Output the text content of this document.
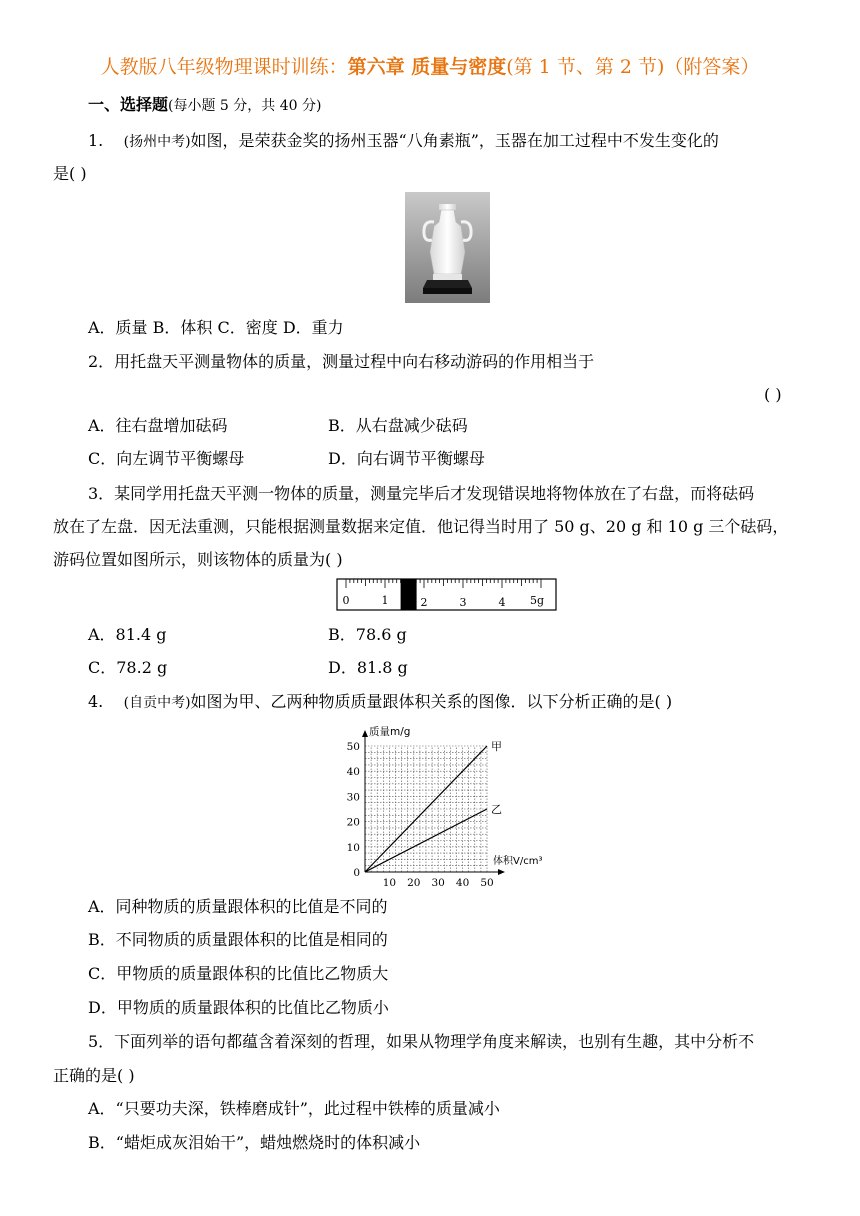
人教版八年级物理课时训练：第六章 质量与密度(第 1 节、第 2 节)（附答案）
一、选择题(每小题 5 分，共 40 分)
1. (扬州中考)如图，是荣获金奖的扬州玉器“八角素瓶”，玉器在加工过程中不发生变化的
是( )
A．质量 B．体积 C．密度 D．重力
2．用托盘天平测量物体的质量，测量过程中向右移动游码的作用相当于
( )
A．往右盘增加砝码	B．从右盘减少砝码
C．向左调节平衡螺母	D．向右调节平衡螺母
3．某同学用托盘天平测一物体的质量，测量完毕后才发现错误地将物体放在了右盘，而将砝码
放在了左盘．因无法重测，只能根据测量数据来定值．他记得当时用了 50 g、20 g 和 10 g 三个砝码，
游码位置如图所示，则该物体的质量为( )
0	1	2	3	4 5g
A．81.4 g	B．78.6 g
C．78.2 g	D．81.8 g
4. (自贡中考)如图为甲、乙两种物质质量跟体积关系的图像．以下分析正确的是( )
10 20 30 40 50
0
10
20
30
40
50
质量m/g
体积V/cm³
甲
乙
A．同种物质的质量跟体积的比值是不同的
B．不同物质的质量跟体积的比值是相同的
C．甲物质的质量跟体积的比值比乙物质大
D．甲物质的质量跟体积的比值比乙物质小
5．下面列举的语句都蕴含着深刻的哲理，如果从物理学角度来解读，也别有生趣，其中分析不
正确的是( )
A．“只要功夫深，铁棒磨成针”，此过程中铁棒的质量减小
B．“蜡炬成灰泪始干”，蜡烛燃烧时的体积减小
